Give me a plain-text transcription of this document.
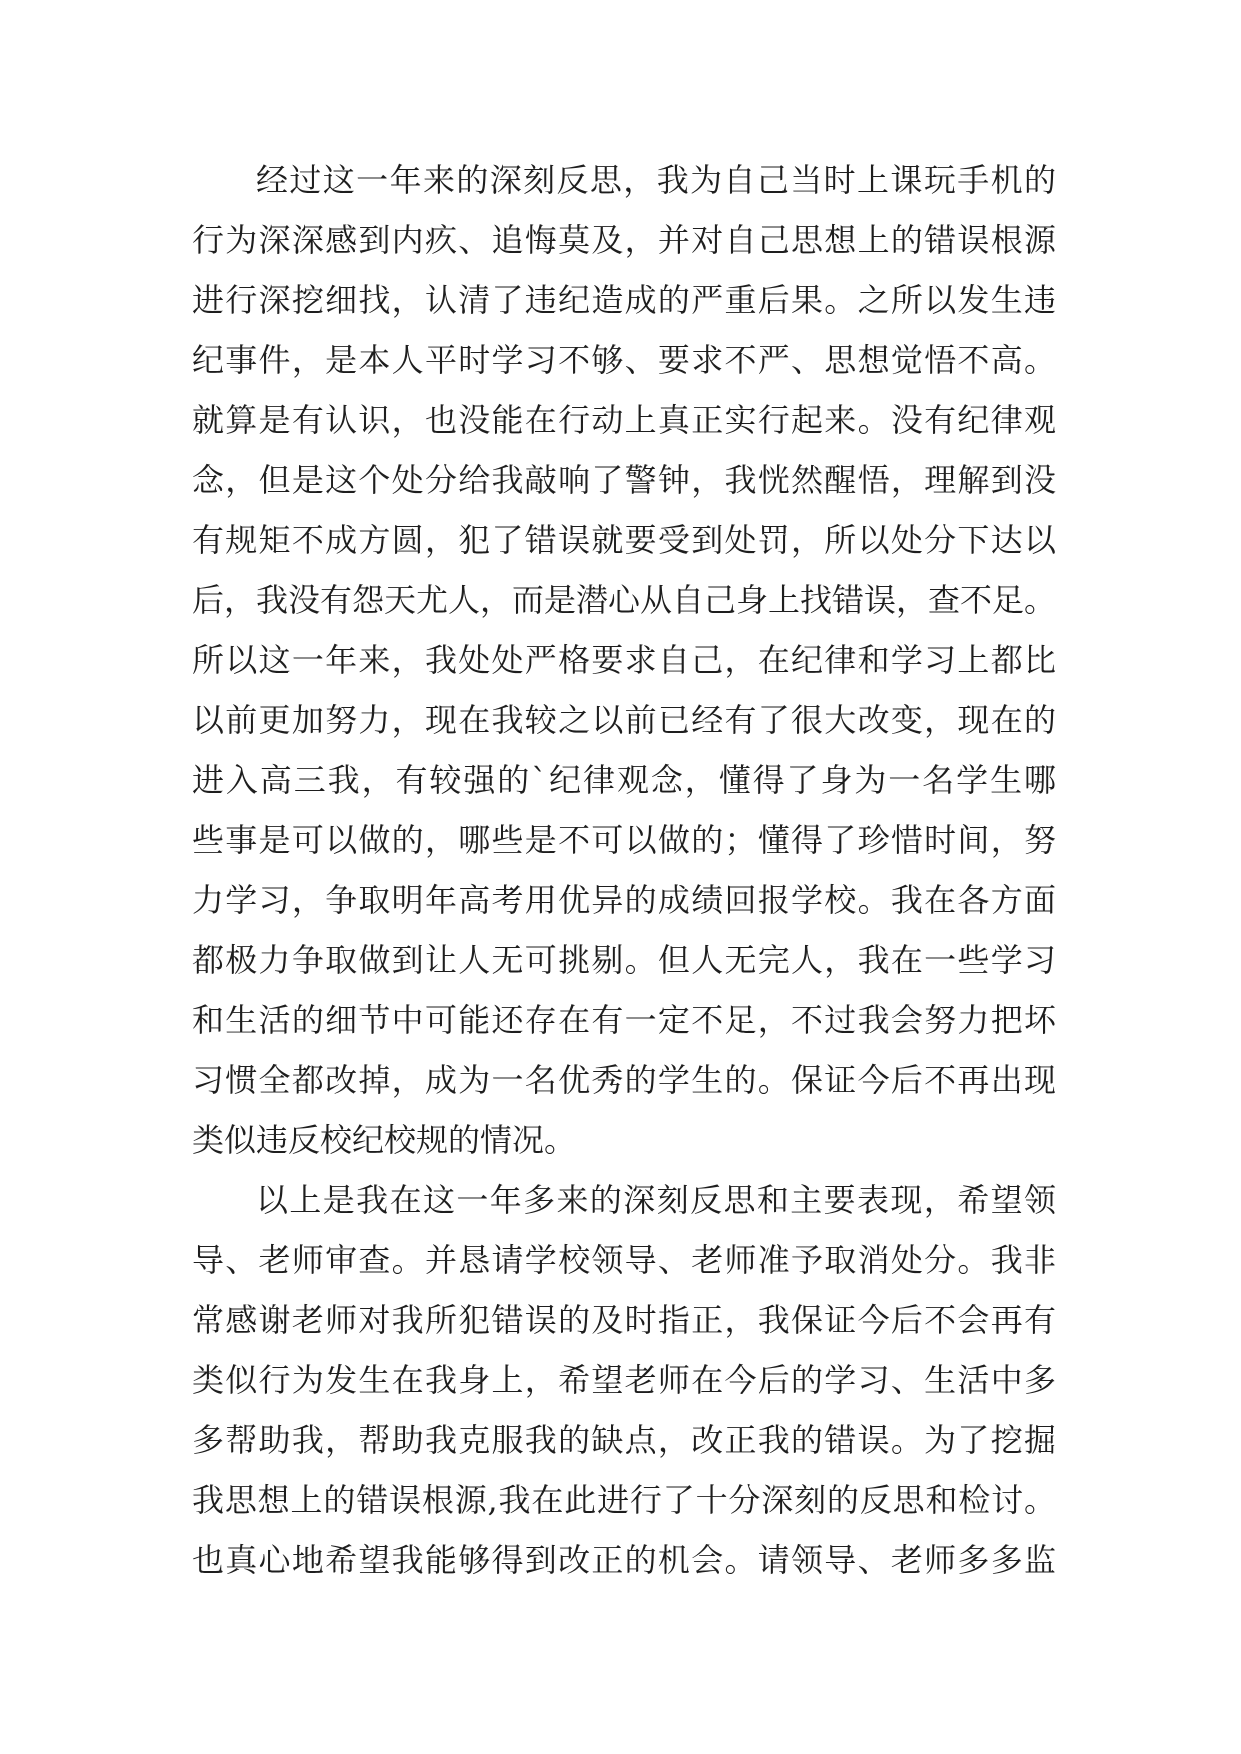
经过这一年来的深刻反思，我为自己当时上课玩手机的
行为深深感到内疚、追悔莫及，并对自己思想上的错误根源
进行深挖细找，认清了违纪造成的严重后果。之所以发生违
纪事件，是本人平时学习不够、要求不严、思想觉悟不高。
就算是有认识，也没能在行动上真正实行起来。没有纪律观
念，但是这个处分给我敲响了警钟，我恍然醒悟，理解到没
有规矩不成方圆，犯了错误就要受到处罚，所以处分下达以
后，我没有怨天尤人，而是潜心从自己身上找错误，查不足。
所以这一年来，我处处严格要求自己，在纪律和学习上都比
以前更加努力，现在我较之以前已经有了很大改变，现在的
进入高三我，有较强的`纪律观念，懂得了身为一名学生哪
些事是可以做的，哪些是不可以做的；懂得了珍惜时间，努
力学习，争取明年高考用优异的成绩回报学校。我在各方面
都极力争取做到让人无可挑剔。但人无完人，我在一些学习
和生活的细节中可能还存在有一定不足，不过我会努力把坏
习惯全都改掉，成为一名优秀的学生的。保证今后不再出现
类似违反校纪校规的情况。
以上是我在这一年多来的深刻反思和主要表现，希望领
导、老师审查。并恳请学校领导、老师准予取消处分。我非
常感谢老师对我所犯错误的及时指正，我保证今后不会再有
类似行为发生在我身上，希望老师在今后的学习、生活中多
多帮助我，帮助我克服我的缺点，改正我的错误。为了挖掘
我思想上的错误根源,我在此进行了十分深刻的反思和检讨。
也真心地希望我能够得到改正的机会。请领导、老师多多监
